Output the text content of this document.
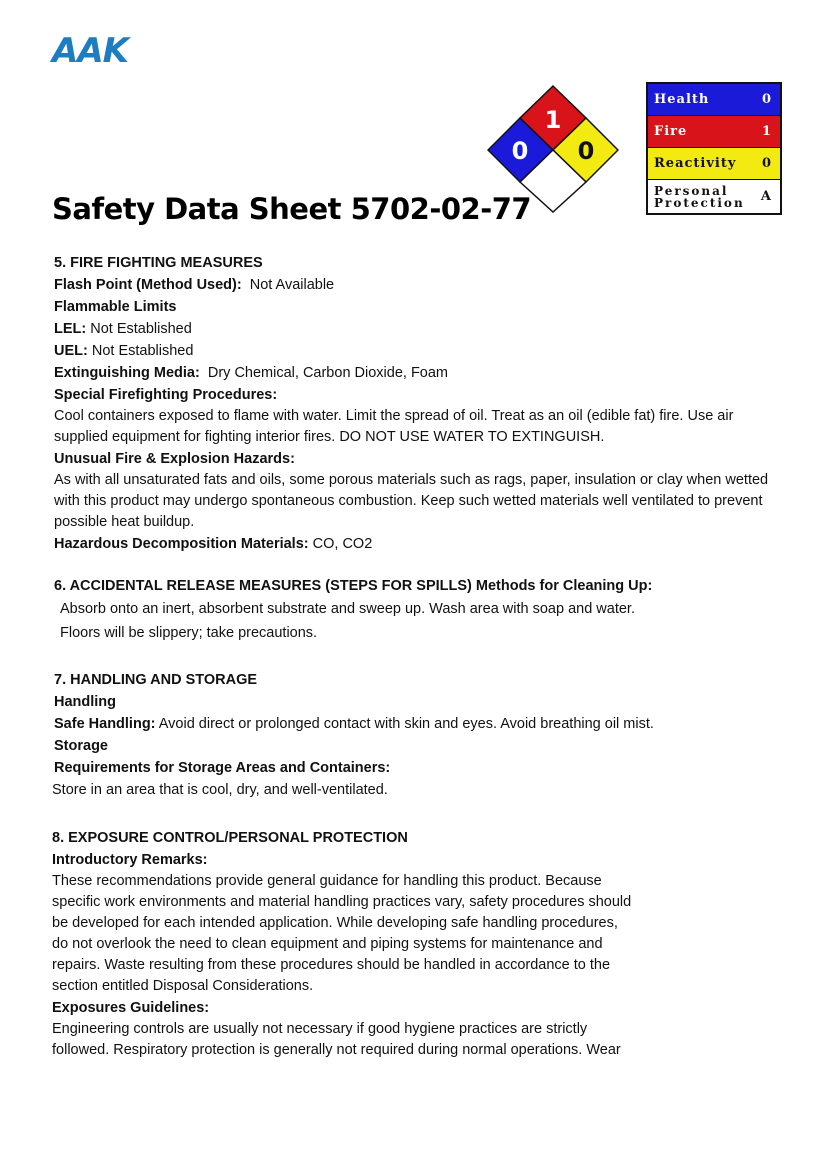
AAK
1
0 0
Health	0
Fire	1
Reactivity 0
Personal
Protection A
Safety Data Sheet 5702-02-77

5. FIRE FIGHTING MEASURES

Flash Point (Method Used): Not Available

Flammable Limits

LEL: Not Established

UEL: Not Established

Extinguishing Media: Dry Chemical, Carbon Dioxide, Foam

Special Firefighting Procedures:

Cool containers exposed to flame with water. Limit the spread of oil. Treat as an oil (edible fat) fire. Use air supplied equipment for fighting interior fires. DO NOT USE WATER TO EXTINGUISH.

Unusual Fire & Explosion Hazards:

As with all unsaturated fats and oils, some porous materials such as rags, paper, insulation or clay when wetted with this product may undergo spontaneous combustion. Keep such wetted materials well ventilated to prevent possible heat buildup.

Hazardous Decomposition Materials: CO, CO2

6. ACCIDENTAL RELEASE MEASURES (STEPS FOR SPILLS) Methods for Cleaning Up:

Absorb onto an inert, absorbent substrate and sweep up. Wash area with soap and water.

Floors will be slippery; take precautions.

7. HANDLING AND STORAGE

Handling

Safe Handling: Avoid direct or prolonged contact with skin and eyes. Avoid breathing oil mist.

Storage

Requirements for Storage Areas and Containers:

Store in an area that is cool, dry, and well-ventilated.

8. EXPOSURE CONTROL/PERSONAL PROTECTION

Introductory Remarks:

These recommendations provide general guidance for handling this product. Because

specific work environments and material handling practices vary, safety procedures should

be developed for each intended application. While developing safe handling procedures,

do not overlook the need to clean equipment and piping systems for maintenance and

repairs. Waste resulting from these procedures should be handled in accordance to the

section entitled Disposal Considerations.

Exposures Guidelines:

Engineering controls are usually not necessary if good hygiene practices are strictly

followed. Respiratory protection is generally not required during normal operations. Wear
